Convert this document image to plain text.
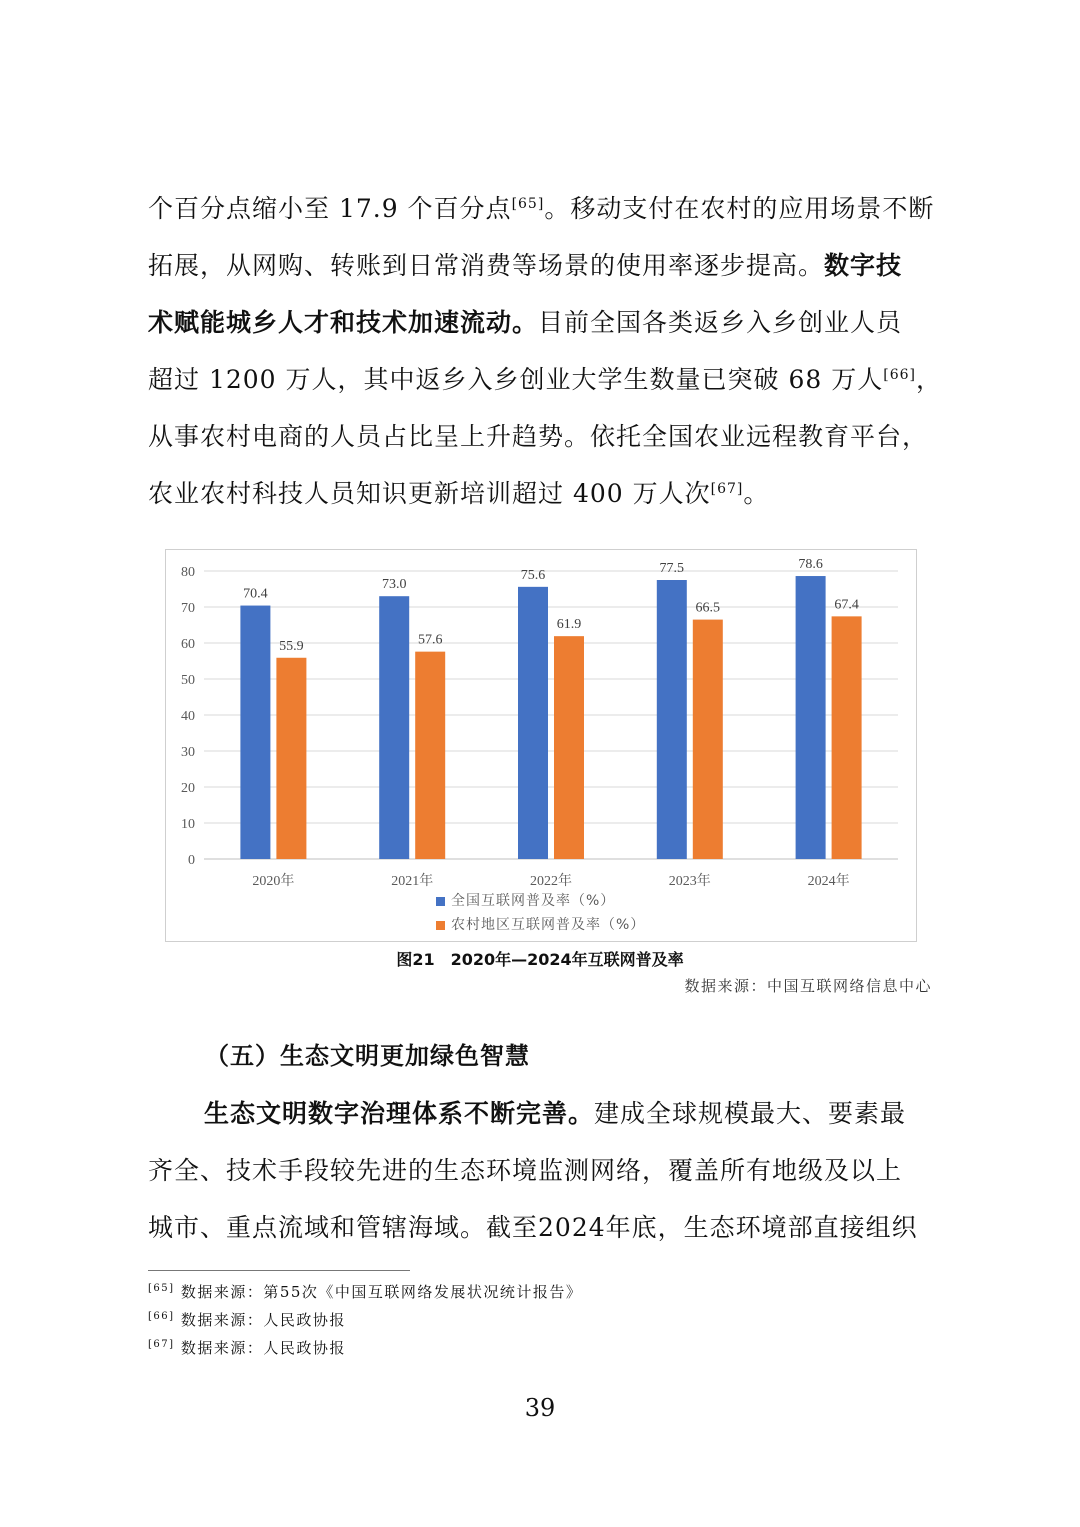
个百分点缩小至 17.9 个百分点[65]。移动支付在农村的应用场景不断
拓展，从网购、转账到日常消费等场景的使用率逐步提高。数字技
术赋能城乡人才和技术加速流动。目前全国各类返乡入乡创业人员
超过 1200 万人，其中返乡入乡创业大学生数量已突破 68 万人[66]，
从事农村电商的人员占比呈上升趋势。依托全国农业远程教育平台，
农业农村科技人员知识更新培训超过 400 万人次[67]。
0
10
20
30
40
50
60
70
80
70.4
55.9
2020年
73.0
57.6
2021年
75.6
61.9
2022年
77.5
66.5
2023年
78.6
67.4
2024年
全国互联网普及率（%）
农村地区互联网普及率（%）
图21　2020年—2024年互联网普及率
数据来源：中国互联网络信息中心
（五）生态文明更加绿色智慧
生态文明数字治理体系不断完善。建成全球规模最大、要素最
齐全、技术手段较先进的生态环境监测网络，覆盖所有地级及以上
城市、重点流域和管辖海域。截至2024年底，生态环境部直接组织
[65] 数据来源：第55次《中国互联网络发展状况统计报告》
[66] 数据来源：人民政协报
[67] 数据来源：人民政协报
39
